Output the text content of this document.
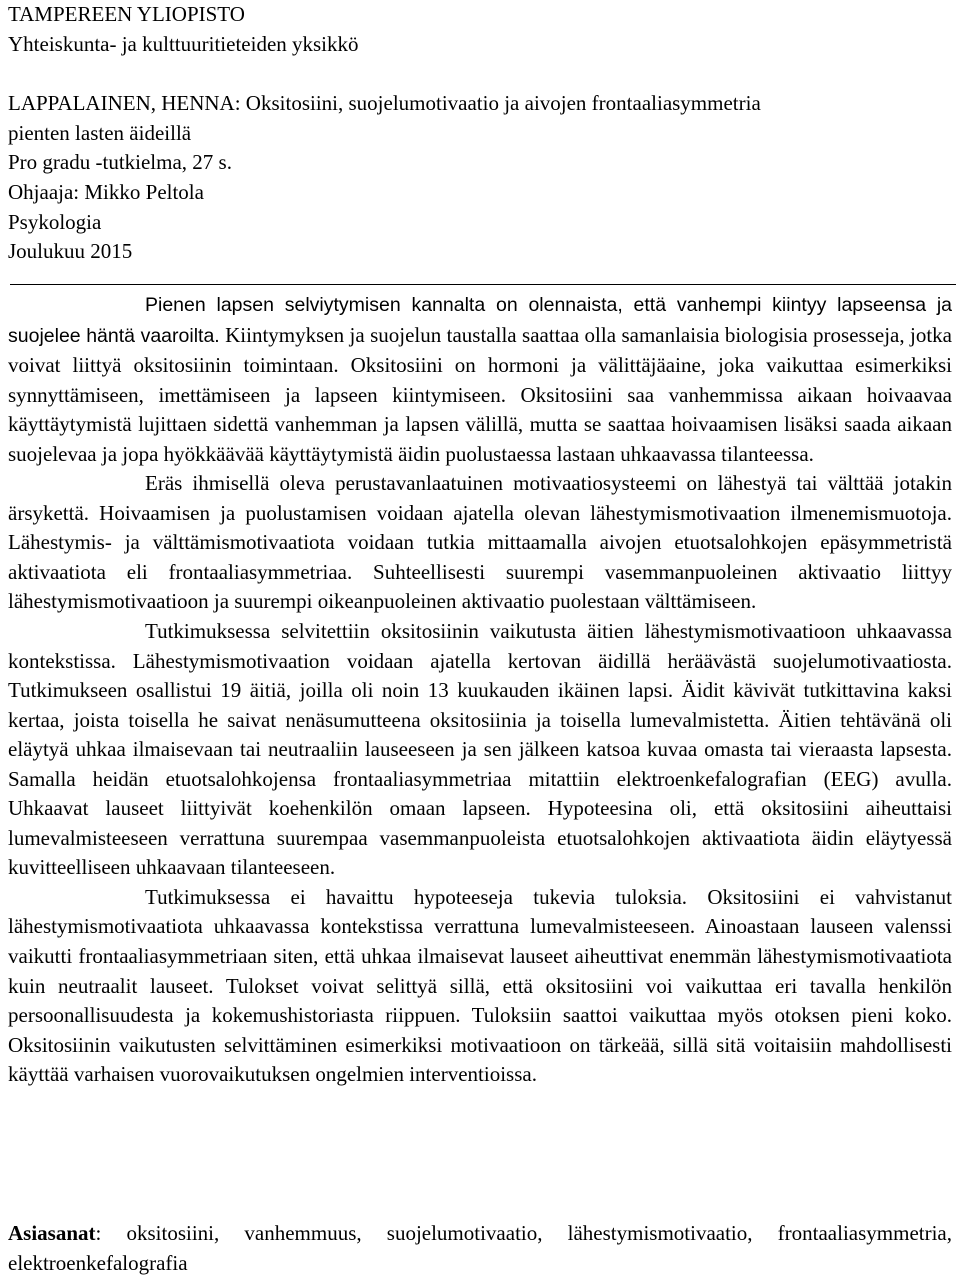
TAMPEREEN YLIOPISTO
Yhteiskunta- ja kulttuuritieteiden yksikkö
LAPPALAINEN, HENNA: Oksitosiini, suojelumotivaatio ja aivojen frontaaliasymmetria
pienten lasten äideillä
Pro gradu -tutkielma, 27 s.
Ohjaaja: Mikko Peltola
Psykologia
Joulukuu 2015

Pienen lapsen selviytymisen kannalta on olennaista, että vanhempi kiintyy lapseensa ja suojelee häntä vaaroilta. Kiintymyksen ja suojelun taustalla saattaa olla samanlaisia biologisia prosesseja, jotka voivat liittyä oksitosiinin toimintaan. Oksitosiini on hormoni ja välittäjäaine, joka vaikuttaa esimerkiksi synnyttämiseen, imettämiseen ja lapseen kiintymiseen. Oksitosiini saa vanhemmissa aikaan hoivaavaa käyttäytymistä lujittaen sidettä vanhemman ja lapsen välillä, mutta se saattaa hoivaamisen lisäksi saada aikaan suojelevaa ja jopa hyökkäävää käyttäytymistä äidin puolustaessa lastaan uhkaavassa tilanteessa.

Eräs ihmisellä oleva perustavanlaatuinen motivaatiosysteemi on lähestyä tai välttää jotakin ärsykettä. Hoivaamisen ja puolustamisen voidaan ajatella olevan lähestymismotivaation ilmenemismuotoja. Lähestymis- ja välttämismotivaatiota voidaan tutkia mittaamalla aivojen etuotsalohkojen epäsymmetristä aktivaatiota eli frontaaliasymmetriaa. Suhteellisesti suurempi vasemmanpuoleinen aktivaatio liittyy lähestymismotivaatioon ja suurempi oikeanpuoleinen aktivaatio puolestaan välttämiseen.

Tutkimuksessa selvitettiin oksitosiinin vaikutusta äitien lähestymismotivaatioon uhkaavassa kontekstissa. Lähestymismotivaation voidaan ajatella kertovan äidillä heräävästä suojelumotivaatiosta. Tutkimukseen osallistui 19 äitiä, joilla oli noin 13 kuukauden ikäinen lapsi. Äidit kävivät tutkittavina kaksi kertaa, joista toisella he saivat nenäsumutteena oksitosiinia ja toisella lumevalmistetta. Äitien tehtävänä oli eläytyä uhkaa ilmaisevaan tai neutraaliin lauseeseen ja sen jälkeen katsoa kuvaa omasta tai vieraasta lapsesta. Samalla heidän etuotsalohkojensa frontaaliasymmetriaa mitattiin elektroenkefalografian (EEG) avulla. Uhkaavat lauseet liittyivät koehenkilön omaan lapseen. Hypoteesina oli, että oksitosiini aiheuttaisi lumevalmisteeseen verrattuna suurempaa vasemmanpuoleista etuotsalohkojen aktivaatiota äidin eläytyessä kuvitteelliseen uhkaavaan tilanteeseen.

Tutkimuksessa ei havaittu hypoteeseja tukevia tuloksia. Oksitosiini ei vahvistanut lähestymismotivaatiota uhkaavassa kontekstissa verrattuna lumevalmisteeseen. Ainoastaan lauseen valenssi vaikutti frontaaliasymmetriaan siten, että uhkaa ilmaisevat lauseet aiheuttivat enemmän lähestymismotivaatiota kuin neutraalit lauseet. Tulokset voivat selittyä sillä, että oksitosiini voi vaikuttaa eri tavalla henkilön persoonallisuudesta ja kokemushistoriasta riippuen. Tuloksiin saattoi vaikuttaa myös otoksen pieni koko. Oksitosiinin vaikutusten selvittäminen esimerkiksi motivaatioon on tärkeää, sillä sitä voitaisiin mahdollisesti käyttää varhaisen vuorovaikutuksen ongelmien interventioissa.

Asiasanat: oksitosiini, vanhemmuus, suojelumotivaatio, lähestymismotivaatio, frontaaliasymmetria, elektroenkefalografia
